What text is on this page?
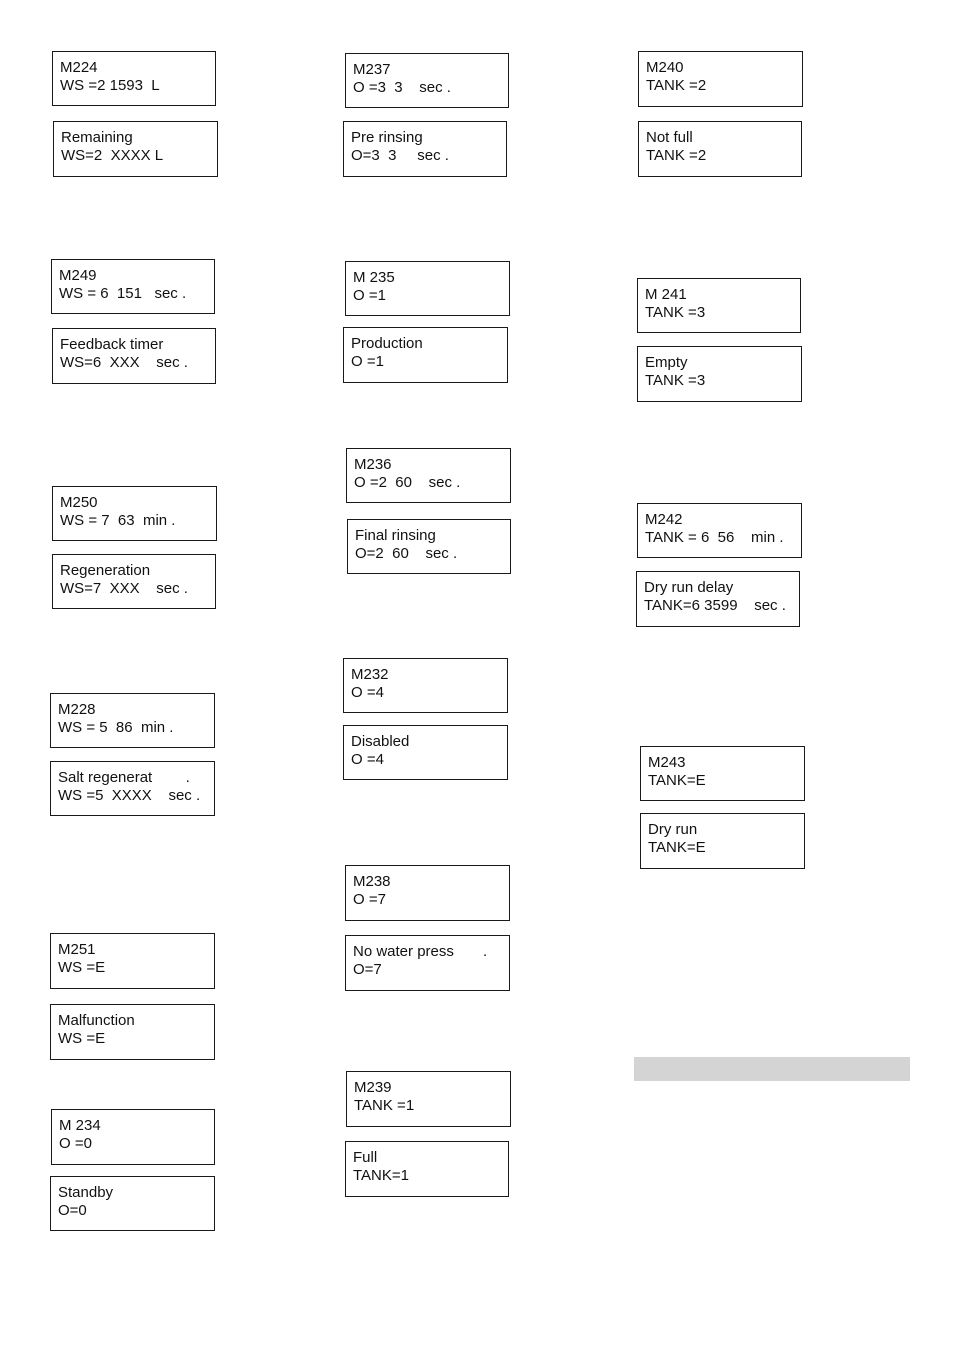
M224
WS =2 1593  L
Remaining
WS=2  XXXX L
M249
WS = 6  151   sec .
Feedback timer
WS=6  XXX    sec .
M250
WS = 7  63  min .
Regeneration
WS=7  XXX    sec .
M228
WS = 5  86  min .
Salt regenerat        .
WS =5  XXXX    sec .
M251
WS =E
Malfunction
WS =E
M 234
O =0
Standby
O=0
M237
O =3  3    sec .
Pre rinsing
O=3  3     sec .
M 235
O =1
Production
O =1
M236
O =2  60    sec .
Final rinsing
O=2  60    sec .
M232
O =4
Disabled
O =4
M238
O =7
No water press       .
O=7
M239
TANK =1
Full
TANK=1
M240
TANK =2
Not full
TANK =2
M 241
TANK =3
Empty
TANK =3
M242
TANK = 6  56    min .
Dry run delay
TANK=6 3599    sec .
M243
TANK=E
Dry run
TANK=E
